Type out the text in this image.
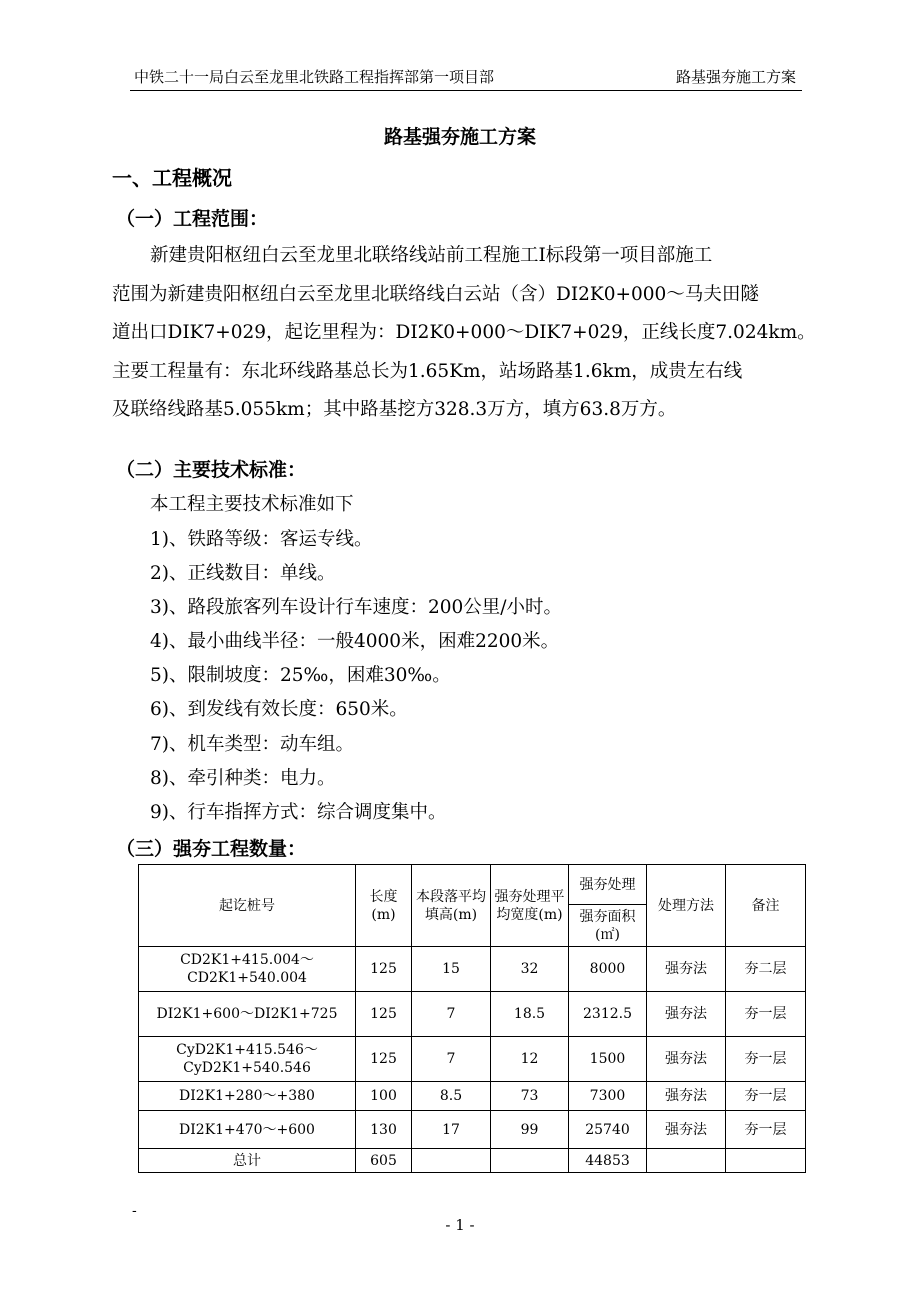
中铁二十一局白云至龙里北铁路工程指挥部第一项目部	路基强夯施工方案
路基强夯施工方案
一、工程概况
（一）工程范围：
新建贵阳枢纽白云至龙里北联络线站前工程施工Ⅰ标段第一项目部施工
范围为新建贵阳枢纽白云至龙里北联络线白云站（含）DI2K0+000～马夫田隧
道出口DIK7+029，起讫里程为：DI2K0+000～DIK7+029，正线长度7.024km。
主要工程量有：东北环线路基总长为1.65Km，站场路基1.6km，成贵左右线
及联络线路基5.055km；其中路基挖方328.3万方，填方63.8万方。
（二）主要技术标准：
本工程主要技术标准如下
1)、铁路等级：客运专线。
2)、正线数目：单线。
3)、路段旅客列车设计行车速度：200公里/小时。
4)、最小曲线半径：一般4000米，困难2200米。
5)、限制坡度：25‰，困难30‰。
6)、到发线有效长度：650米。
7)、机车类型：动车组。
8)、牵引种类：电力。
9)、行车指挥方式：综合调度集中。
（三）强夯工程数量：
起讫桩号	长度(m)	本段落平均填高(m)	强夯处理平均宽度(m)	强夯处理	处理方法	备注
				强夯面积(㎡)		
CD2K1+415.004～CD2K1+540.004	125	15	32	8000	强夯法	夯二层
DI2K1+600～DI2K1+725	125	7	18.5	2312.5	强夯法	夯一层
CyD2K1+415.546～CyD2K1+540.546	125	7	12	1500	强夯法	夯一层
DI2K1+280～+380	100	8.5	73	7300	强夯法	夯一层
DI2K1+470～+600	130	17	99	25740	强夯法	夯一层
总计	605			44853		
-
- 1 -
